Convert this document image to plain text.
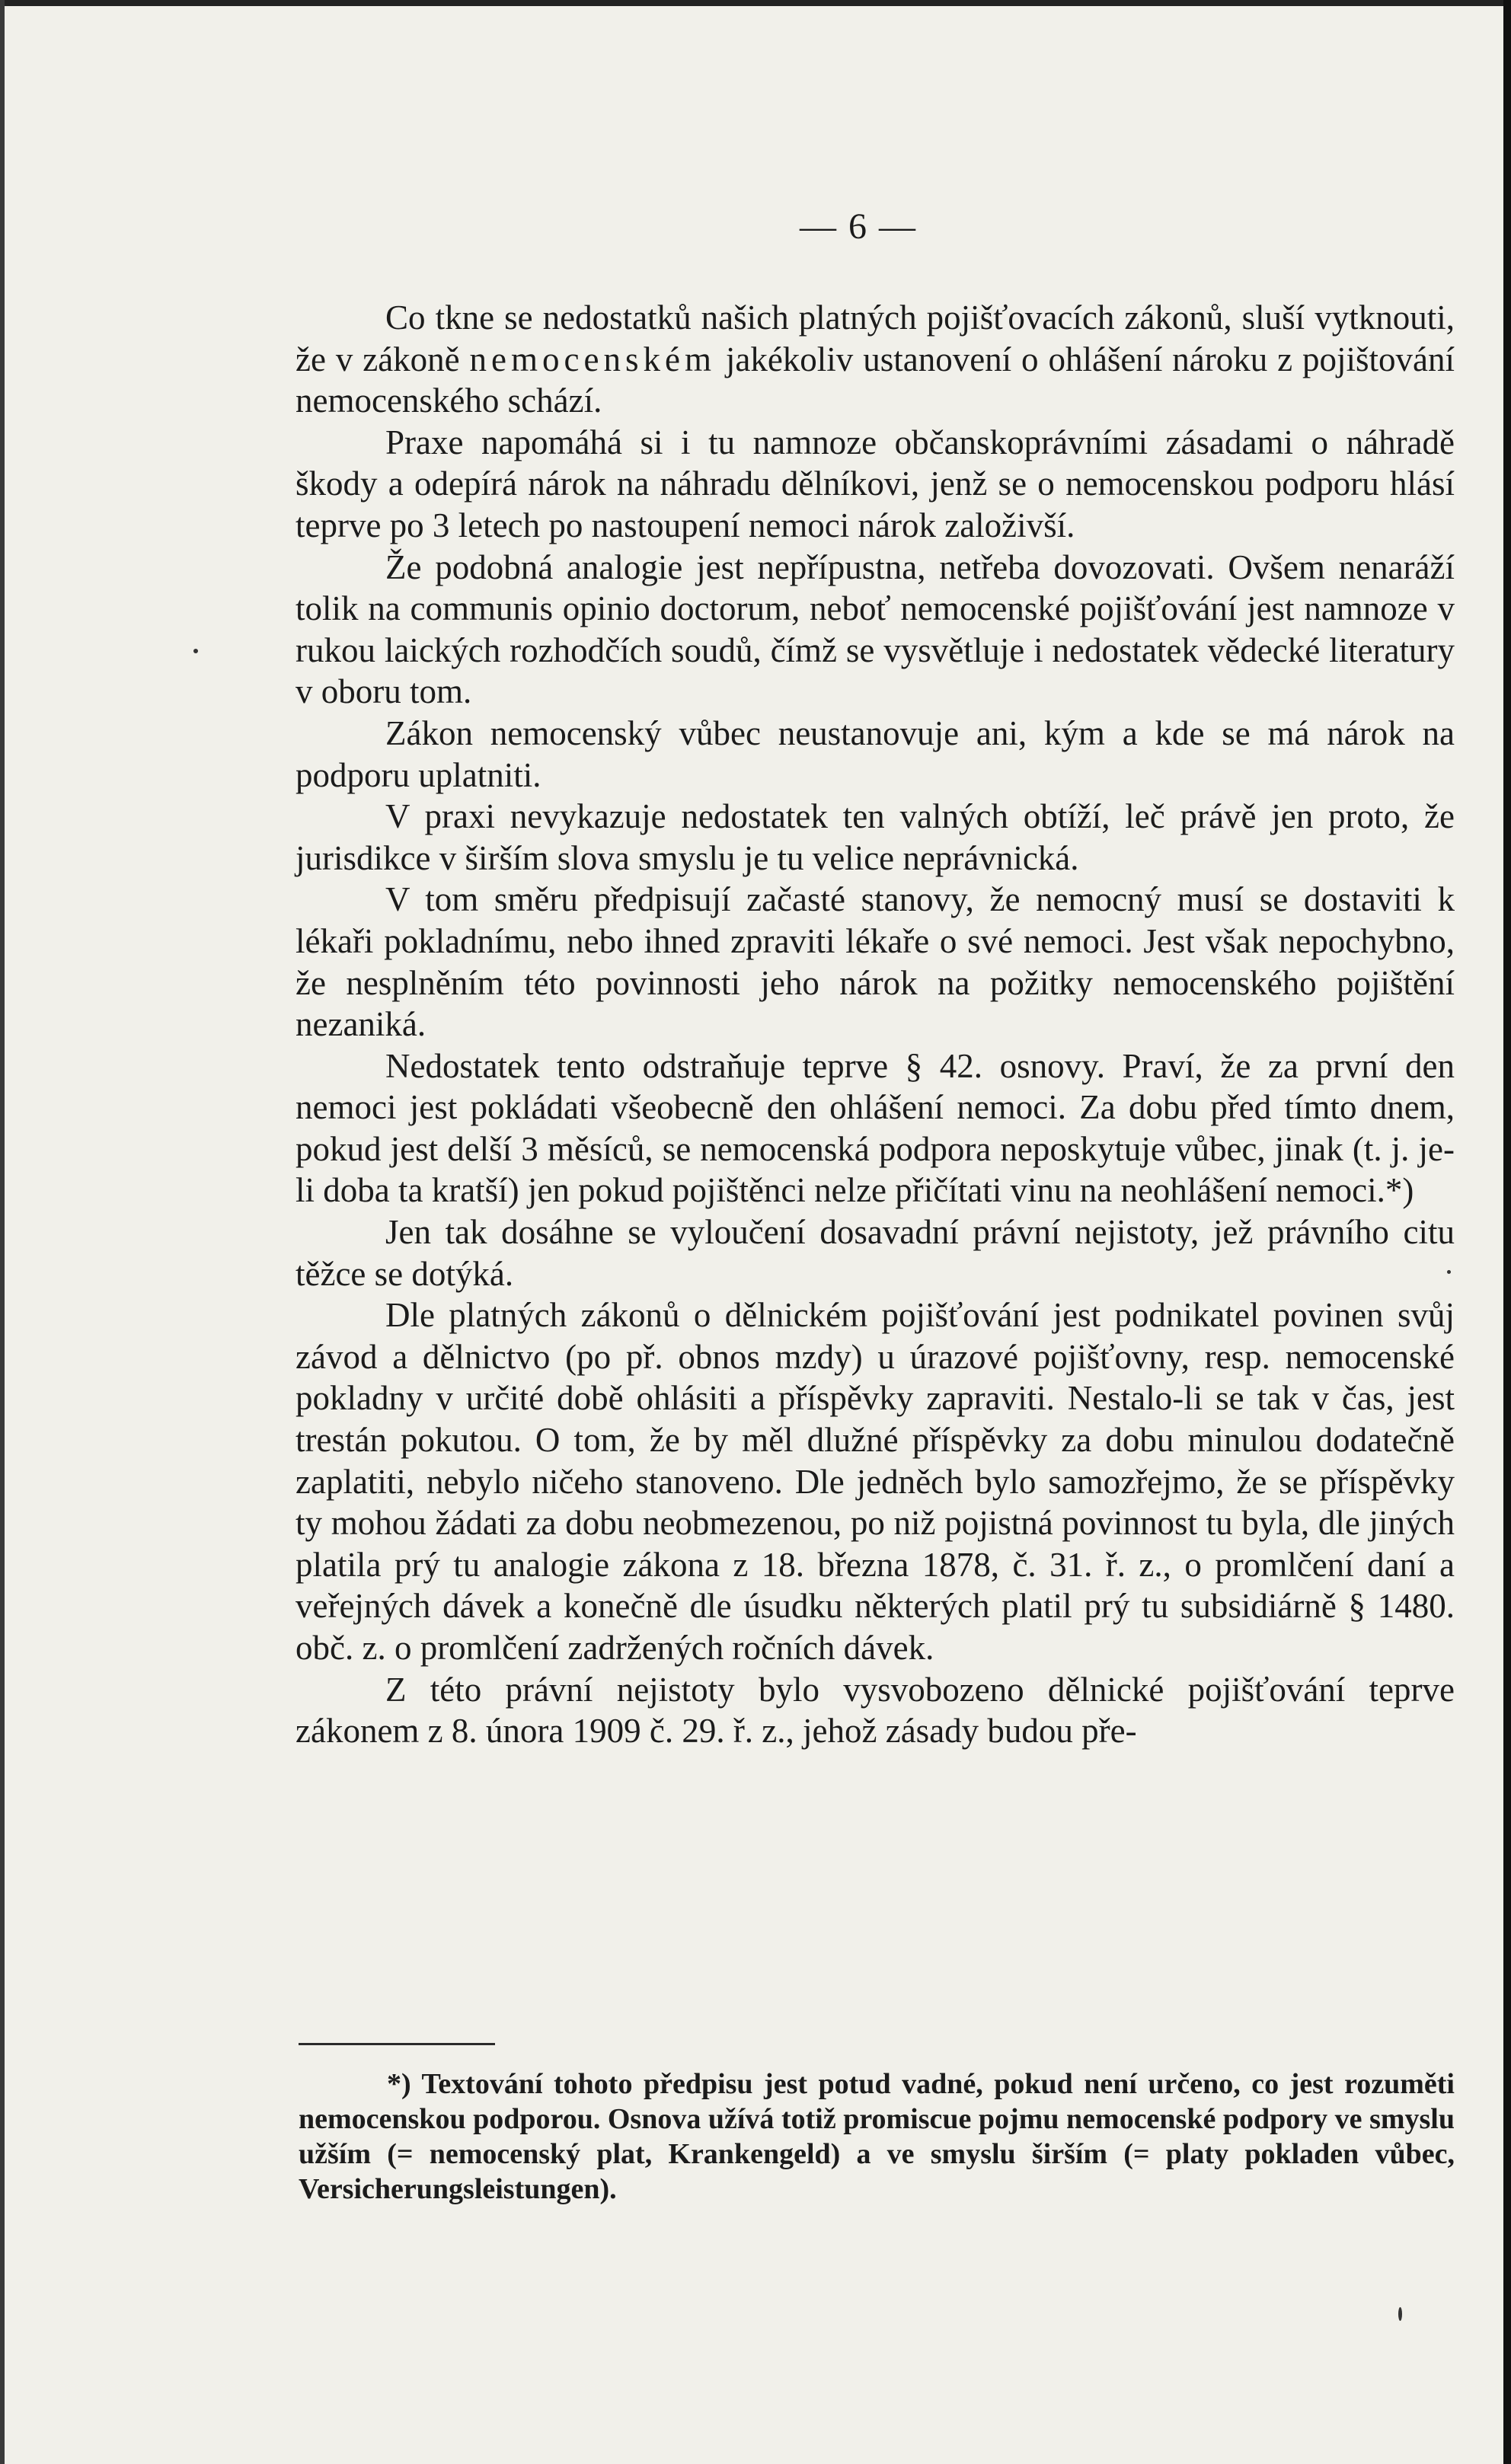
— 6 —

Co tkne se nedostatků našich platných pojišťovacích zákonů, sluší vytknouti, že v zákoně nemocenském jakékoliv ustanovení o ohlášení nároku z pojištování nemocenského schází.

Praxe napomáhá si i tu namnoze občanskoprávními zásadami o náhradě škody a odepírá nárok na náhradu dělníkovi, jenž se o nemocenskou podporu hlásí teprve po 3 letech po nastoupení nemoci nárok založivší.

Že podobná analogie jest nepřípustna, netřeba dovozovati. Ovšem nenaráží tolik na communis opinio doctorum, neboť nemocenské pojišťování jest namnoze v rukou laických rozhodčích soudů, čímž se vysvětluje i nedostatek vědecké literatury v oboru tom.

Zákon nemocenský vůbec neustanovuje ani, kým a kde se má nárok na podporu uplatniti.

V praxi nevykazuje nedostatek ten valných obtíží, leč právě jen proto, že jurisdikce v širším slova smyslu je tu velice neprávnická.

V tom směru předpisují začasté stanovy, že nemocný musí se dostaviti k lékaři pokladnímu, nebo ihned zpraviti lékaře o své nemoci. Jest však nepochybno, že nesplněním této povinnosti jeho nárok na požitky nemocenského pojištění nezaniká.

Nedostatek tento odstraňuje teprve § 42. osnovy. Praví, že za první den nemoci jest pokládati všeobecně den ohlášení nemoci. Za dobu před tímto dnem, pokud jest delší 3 měsíců, se nemocenská podpora neposkytuje vůbec, jinak (t. j. je-li doba ta kratší) jen pokud pojištěnci nelze přičítati vinu na neohlášení nemoci.*)

Jen tak dosáhne se vyloučení dosavadní právní nejistoty, jež právního citu těžce se dotýká.

Dle platných zákonů o dělnickém pojišťování jest podnikatel povinen svůj závod a dělnictvo (po př. obnos mzdy) u úrazové pojišťovny, resp. nemocenské pokladny v určité době ohlásiti a příspěvky zapraviti. Nestalo-li se tak v čas, jest trestán pokutou. O tom, že by měl dlužné příspěvky za dobu minulou dodatečně zaplatiti, nebylo ničeho stanoveno. Dle jedněch bylo samozřejmo, že se příspěvky ty mohou žádati za dobu neobmezenou, po niž pojistná povinnost tu byla, dle jiných platila prý tu analogie zákona z 18. března 1878, č. 31. ř. z., o promlčení daní a veřejných dávek a konečně dle úsudku některých platil prý tu subsidiárně § 1480. obč. z. o promlčení zadržených ročních dávek.

Z této právní nejistoty bylo vysvobozeno dělnické pojišťování teprve zákonem z 8. února 1909 č. 29. ř. z., jehož zásady budou pře-

*) Textování tohoto předpisu jest potud vadné, pokud není určeno, co jest rozuměti nemocenskou podporou. Osnova užívá totiž promiscue pojmu nemocenské podpory ve smyslu užším (= nemocenský plat, Krankengeld) a ve smyslu širším (= platy pokladen vůbec, Versicherungsleistungen).
